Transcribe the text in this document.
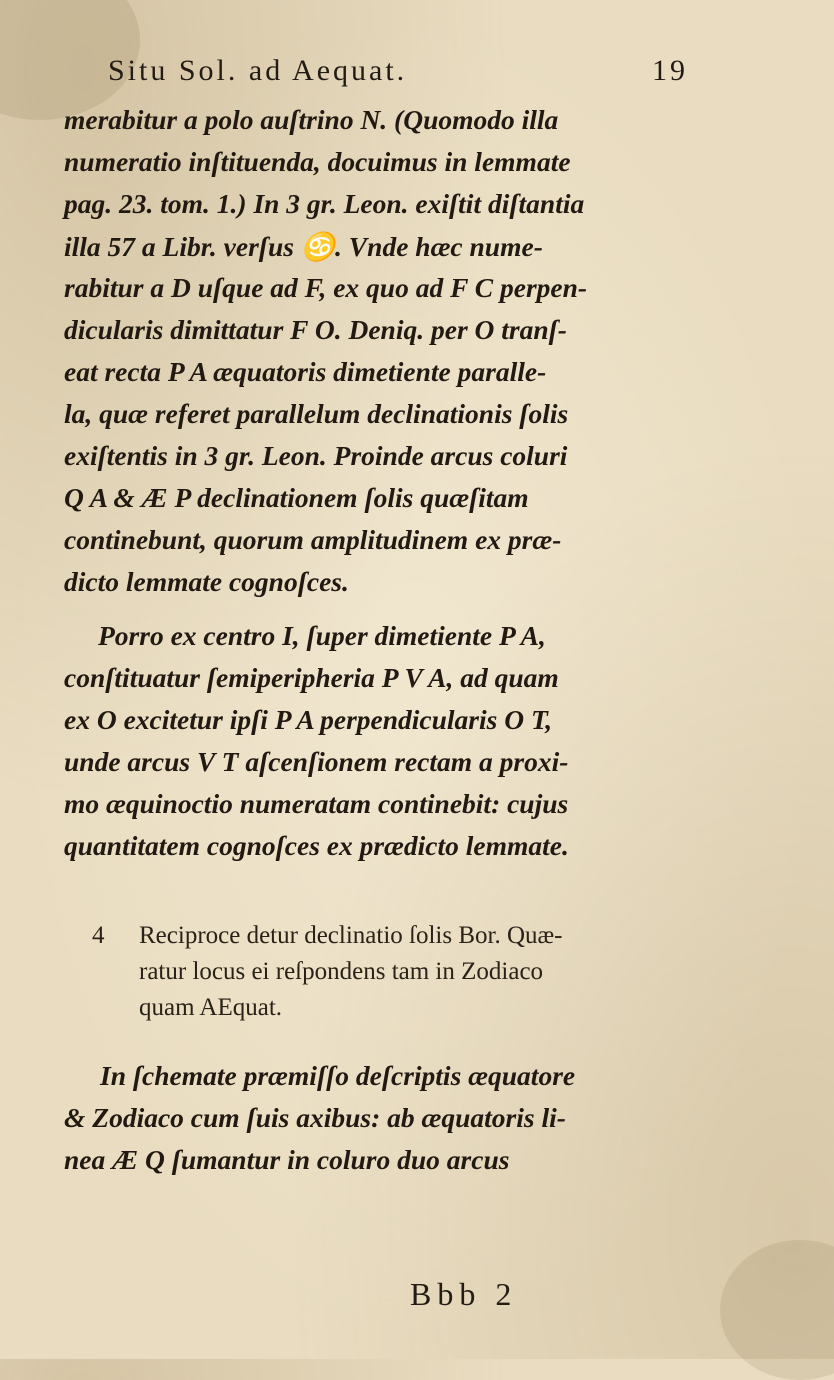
Situ Sol. ad Aequat.	19
merabitur a polo auſtrino N. (Quomodo illa
numeratio inſtituenda, docuimus in lemmate
pag. 23. tom. 1.) In 3 gr. Leon. exiſtit diſtantia
illa 57 a Libr. verſus ♋. Vnde hæc nume-
rabitur a D uſque ad F, ex quo ad F C perpen-
dicularis dimittatur F O. Deniq. per O tranſ-
eat recta P A æquatoris dimetiente paralle-
la, quæ referet parallelum declinationis ſolis
exiſtentis in 3 gr. Leon. Proinde arcus coluri
Q A & Æ P declinationem ſolis quæſitam
continebunt, quorum amplitudinem ex præ-
dicto lemmate cognoſces.
Porro ex centro I, ſuper dimetiente P A,
conſtituatur ſemiperipheria P V A, ad quam
ex O excitetur ipſi P A perpendicularis O T,
unde arcus V T aſcenſionem rectam a proxi-
mo æquinoctio numeratam continebit: cujus
quantitatem cognoſces ex prædicto lemmate.
4 Reciproce detur declinatio ſolis Bor. Quæ-
ratur locus ei reſpondens tam in Zodiaco
quam AEquat.
In ſchemate præmiſſo deſcriptis æquatore
& Zodiaco cum ſuis axibus: ab æquatoris li-
nea Æ Q ſumantur in coluro duo arcus
Bbb 2
